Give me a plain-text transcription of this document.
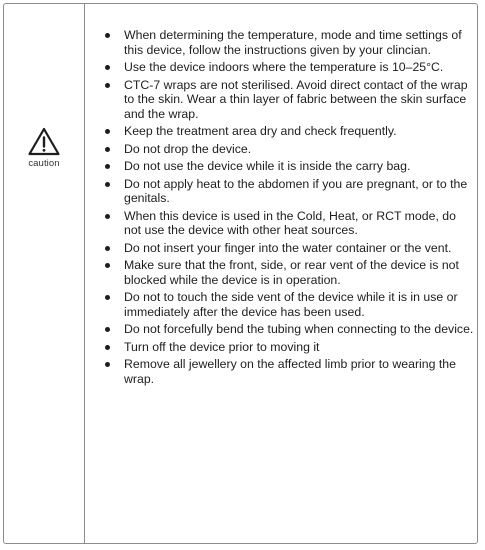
caution
When determining the temperature, mode and time settings of this device, follow the instructions given by your clincian.
Use the device indoors where the temperature is 10–25°C.
CTC-7 wraps are not sterilised. Avoid direct contact of the wrap to the skin. Wear a thin layer of fabric between the skin surface and the wrap.
Keep the treatment area dry and check frequently.
Do not drop the device.
Do not use the device while it is inside the carry bag.
Do not apply heat to the abdomen if you are pregnant, or to the genitals.
When this device is used in the Cold, Heat, or RCT mode, do not use the device with other heat sources.
Do not insert your finger into the water container or the vent.
Make sure that the front, side, or rear vent of the device is not blocked while the device is in operation.
Do not to touch the side vent of the device while it is in use or immediately after the device has been used.
Do not forcefully bend the tubing when connecting to the device.
Turn off the device prior to moving it
Remove all jewellery on the affected limb prior to wearing the wrap.
